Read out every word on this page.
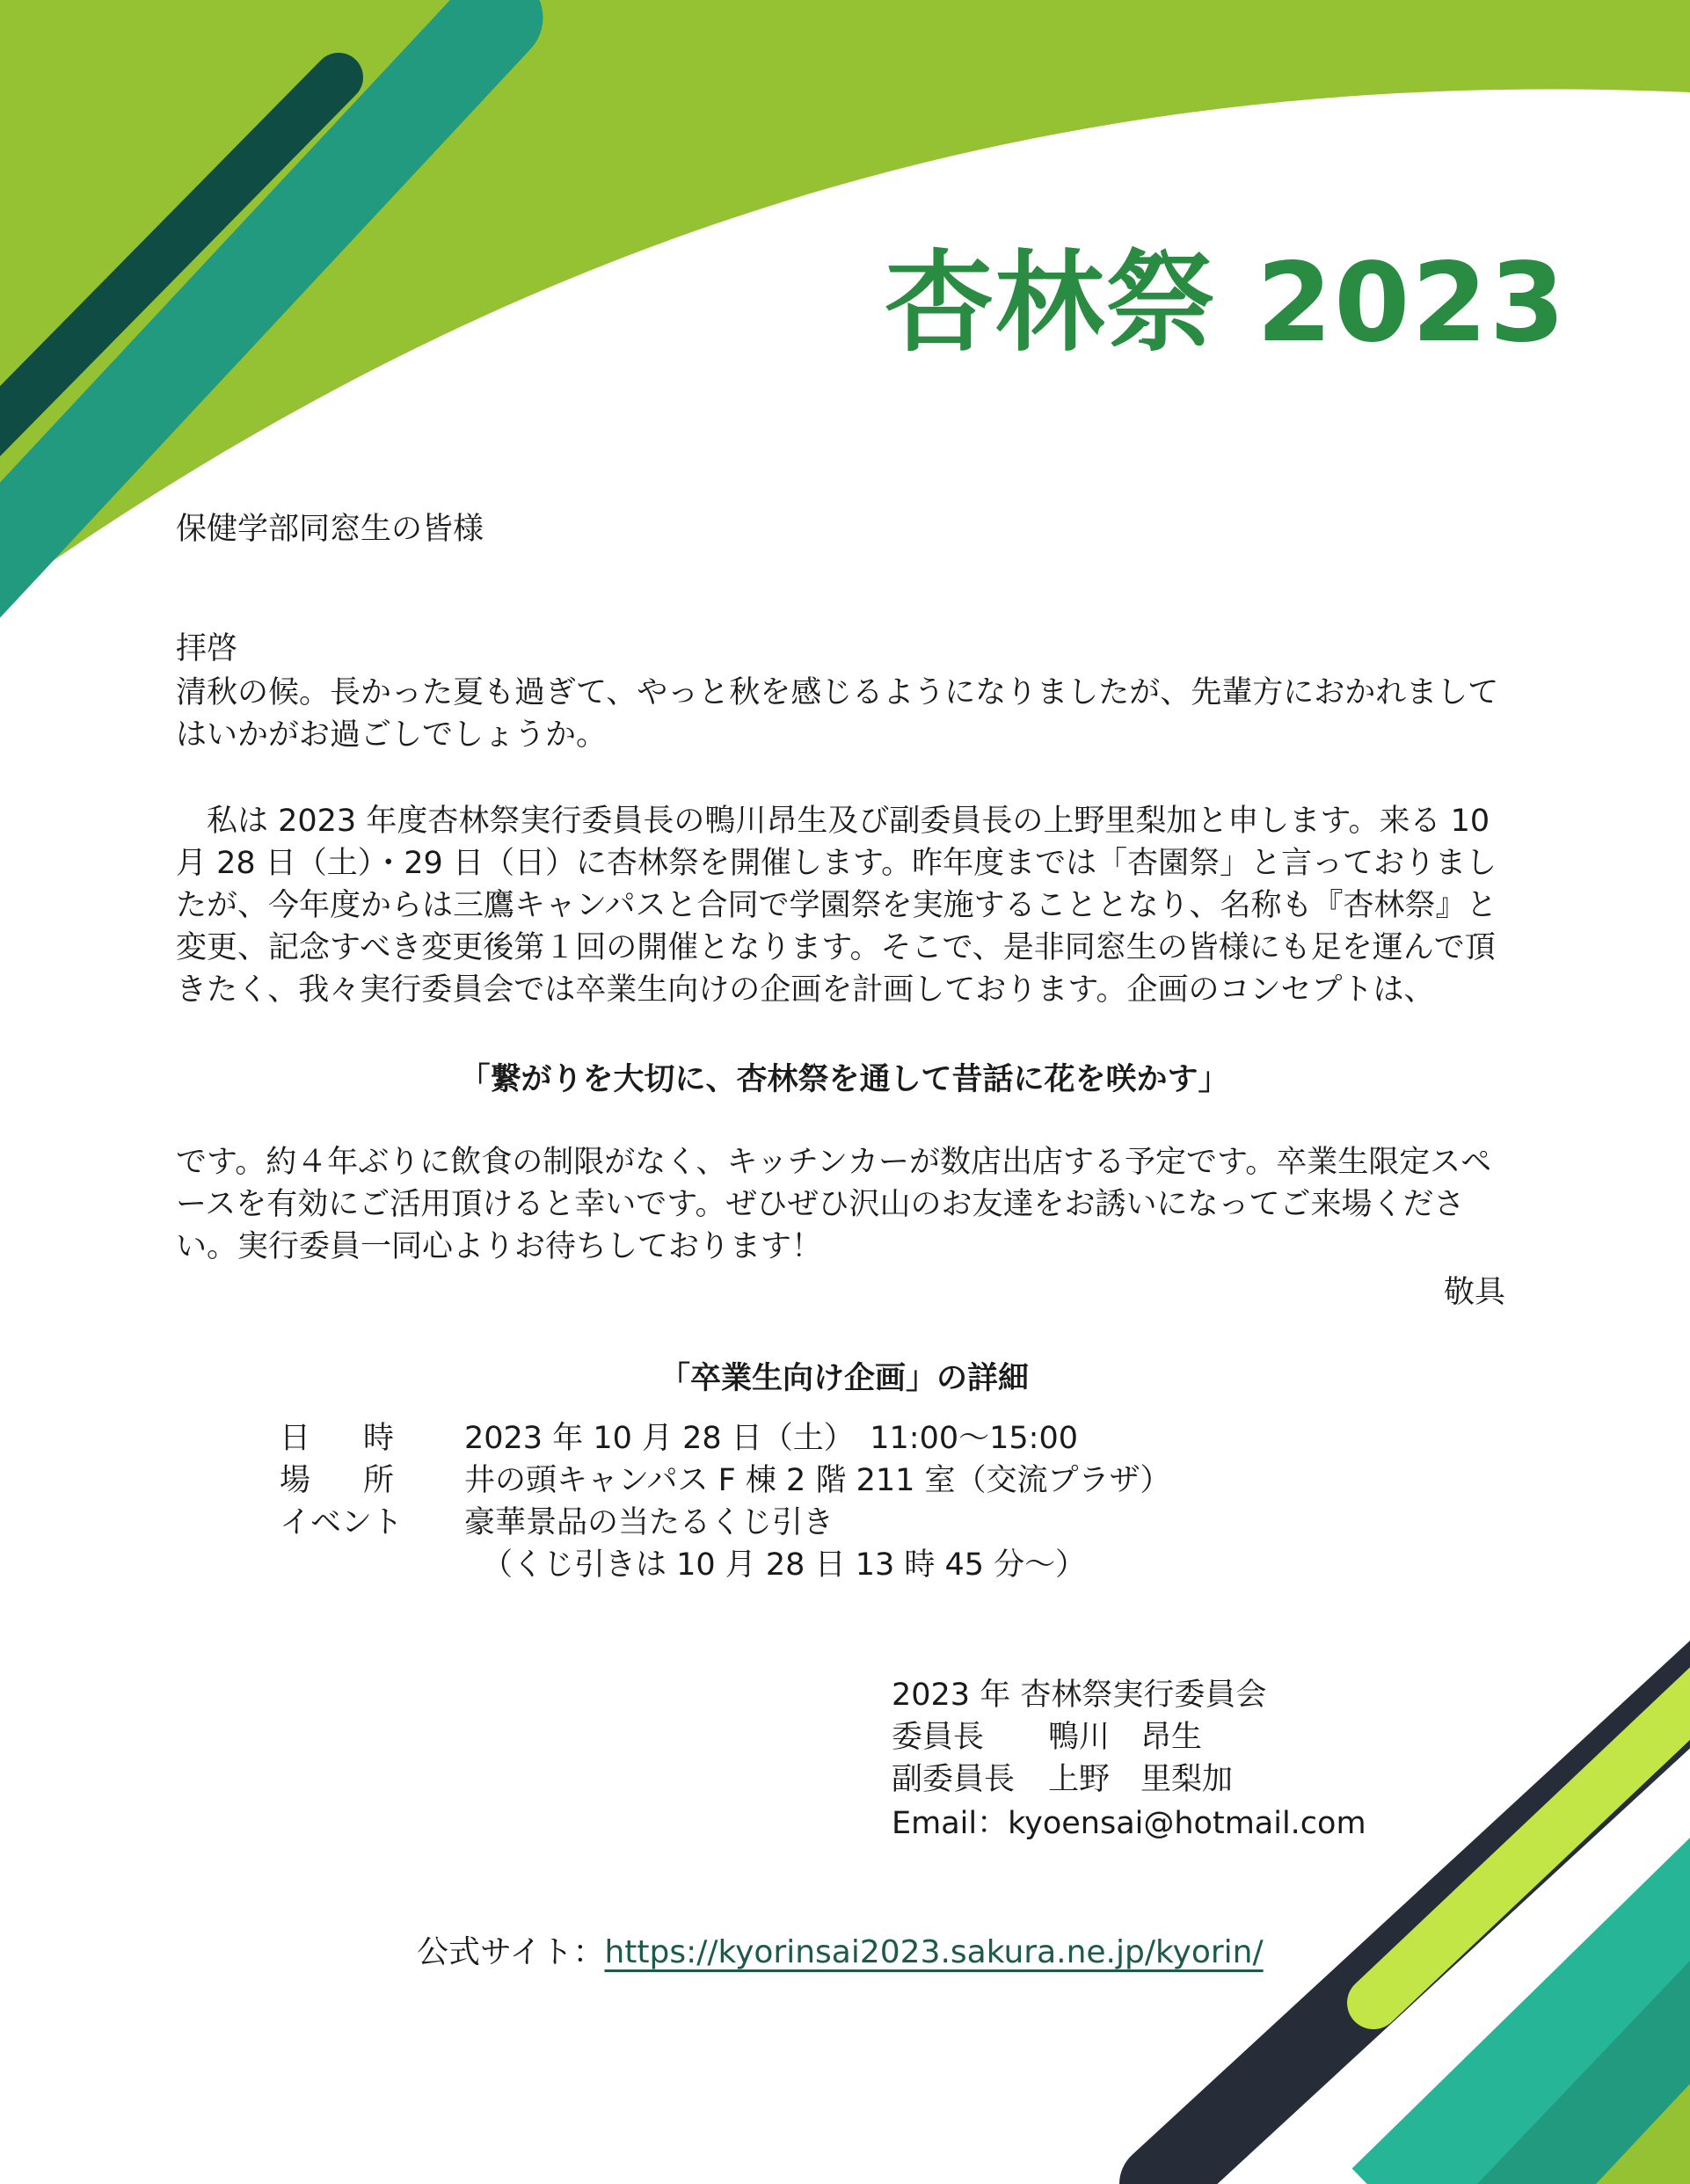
杏林祭 2023
保健学部同窓生の皆様
拝啓
清秋の候。長かった夏も過ぎて、やっと秋を感じるようになりましたが、先輩方におかれましてはいかがお過ごしでしょうか。
私は 2023 年度杏林祭実行委員長の鴨川昂生及び副委員長の上野里梨加と申します。来る 10 月 28 日（土）・29 日（日）に杏林祭を開催します。昨年度までは「杏園祭」と言っておりましたが、今年度からは三鷹キャンパスと合同で学園祭を実施することとなり、名称も『杏林祭』と変更、記念すべき変更後第１回の開催となります。そこで、是非同窓生の皆様にも足を運んで頂きたく、我々実行委員会では卒業生向けの企画を計画しております。企画のコンセプトは、
「繋がりを大切に、杏林祭を通して昔話に花を咲かす」
です。約４年ぶりに飲食の制限がなく、キッチンカーが数店出店する予定です。卒業生限定スペースを有効にご活用頂けると幸いです。ぜひぜひ沢山のお友達をお誘いになってご来場ください。実行委員一同心よりお待ちしております！
敬具
「卒業生向け企画」の詳細
日時 2023 年 10 月 28 日（土）　11:00〜15:00
場所 井の頭キャンパス F 棟 2 階 211 室（交流プラザ）
イベント 豪華景品の当たるくじ引き
（くじ引きは 10 月 28 日 13 時 45 分〜）
2023 年 杏林祭実行委員会
委員長 鴨川　昂生
副委員長 上野　里梨加
Email：kyoensai@hotmail.com
公式サイト：https://kyorinsai2023.sakura.ne.jp/kyorin/
